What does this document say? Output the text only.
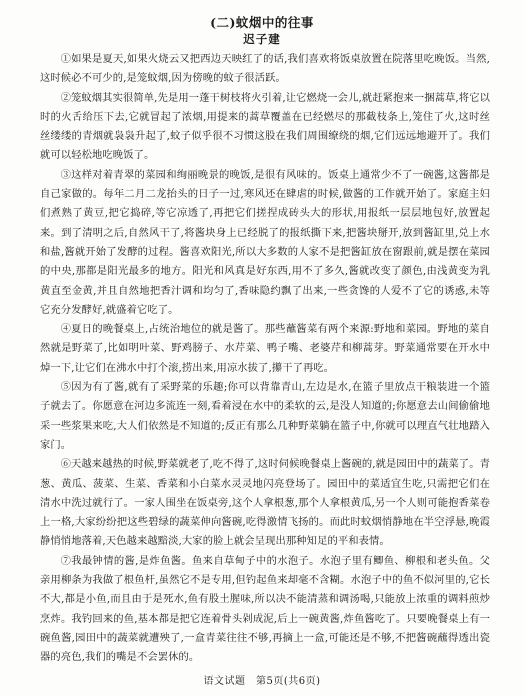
(二)蚊烟中的往事
迟子建

①如果是夏天,如果火烧云又把西边天映红了的话,我们喜欢将饭桌放置在院落里吃晚饭。当然,这时候必不可少的,是笼蚊烟,因为傍晚的蚊子很活跃。

②笼蚊烟其实很简单,先是用一蓬干树枝将火引着,让它燃烧一会儿,就赶紧抱来一捆蒿草,将它以时的火舌给压下去,它就冒起了浓烟,用提来的蒿草覆盖在已经燃尽的那截枝条上,笼住了火,这时丝丝缕缕的青烟就袅袅升起了,蚊子似乎很不习惯这股在我们周围缭绕的烟,它们远远地避开了。我们就可以轻松地吃晚饭了。

③这样对着青翠的菜园和绚丽晚景的晚饭,是很有风味的。饭桌上通常少不了一碗酱,这酱都是自己家做的。每年二月二龙抬头的日子一过,寒风还在肆虐的时候,做酱的工作就开始了。家庭主妇们煮熟了黄豆,把它捣碎,等它凉透了,再把它们搓捏成砖头大的形状,用报纸一层层地包好,放置起来。到了清明之后,自然风干了,将酱块身上已经脱了的报纸撕下来,把酱块掰开,放到酱缸里,兑上水和盐,酱就开始了发酵的过程。酱喜欢阳光,所以大多数的人家不是把酱缸放在窗跟前,就是摆在菜园的中央,那都是阳光最多的地方。阳光和风真是好东西,用不了多久,酱就改变了颜色,由浅黄变为乳黄直至金黄,并且自然地把香汁调和均匀了,香味隐约飘了出来,一些贪馋的人爱不了它的诱惑,未等它充分发酵好,就盛着它吃了。

④夏日的晚餐桌上,占统治地位的就是酱了。那些蘸酱菜有两个来源:野地和菜园。野地的菜自然就是野菜了,比如明叶菜、野鸡膀子、水芹菜、鸭子嘴、老婆芹和柳蒿芽。野菜通常要在开水中焯一下,让它们在沸水中打个滚,捞出来,用凉水拔了,攥干了再吃。

⑤因为有了酱,就有了采野菜的乐趣;你可以背靠青山,左边是水,在篮子里放点干粮装进一个篮子就去了。你愿意在河边多流连一刻,看着浸在水中的柔软的云,是没人知道的;你愿意去山间偷偷地采一些浆果来吃,大人们依然是不知道的;反正有那么几种野菜躺在篮子中,你就可以理直气壮地踏入家门。

⑥天越来越热的时候,野菜就老了,吃不得了,这时伺候晚餐桌上酱碗的,就是园田中的蔬菜了。青葱、黄瓜、菠菜、生菜、香菜和小白菜水灵灵地闪亮登场了。园田中的菜适宜生吃,只需把它们在清水中洗过就行了。一家人围坐在饭桌旁,这个人拿根葱,那个人拿根黄瓜,另一个人则可能抱香菜卷上一格,大家纷纷把这些碧绿的蔬菜伸向酱碗,吃得激情飞扬的。而此时蚊烟悄静地在半空浮悬,晚霞静悄悄地落着,天色越来越黯淡,大家的脸上就会呈现出那种知足的平和表情。

⑦我最钟情的酱,是炸鱼酱。鱼来自草甸子中的水泡子。水泡子里有鲫鱼、柳根和老头鱼。父亲用柳条为我做了根鱼杆,虽然它不是专用,但钓起鱼来却毫不含糊。水泡子中的鱼不似河里的,它长不大,都是小鱼,而且由于是死水,鱼有股土腥味,所以决不能清蒸和调汤喝,只能放上浓重的调料煎炒烹炸。我钓回来的鱼,基本都是把它连着骨头剁成泥,后上一碗黄酱,炸鱼酱吃了。只要晚餐桌上有一碗鱼酱,园田中的蔬菜就遭殃了,一盒青菜往往不够,再摘上一盒,可能还是不够,不把酱碗蘸得透出瓷器的亮色,我们的嘴是不会罢休的。

语文试题　第5页(共6页)
